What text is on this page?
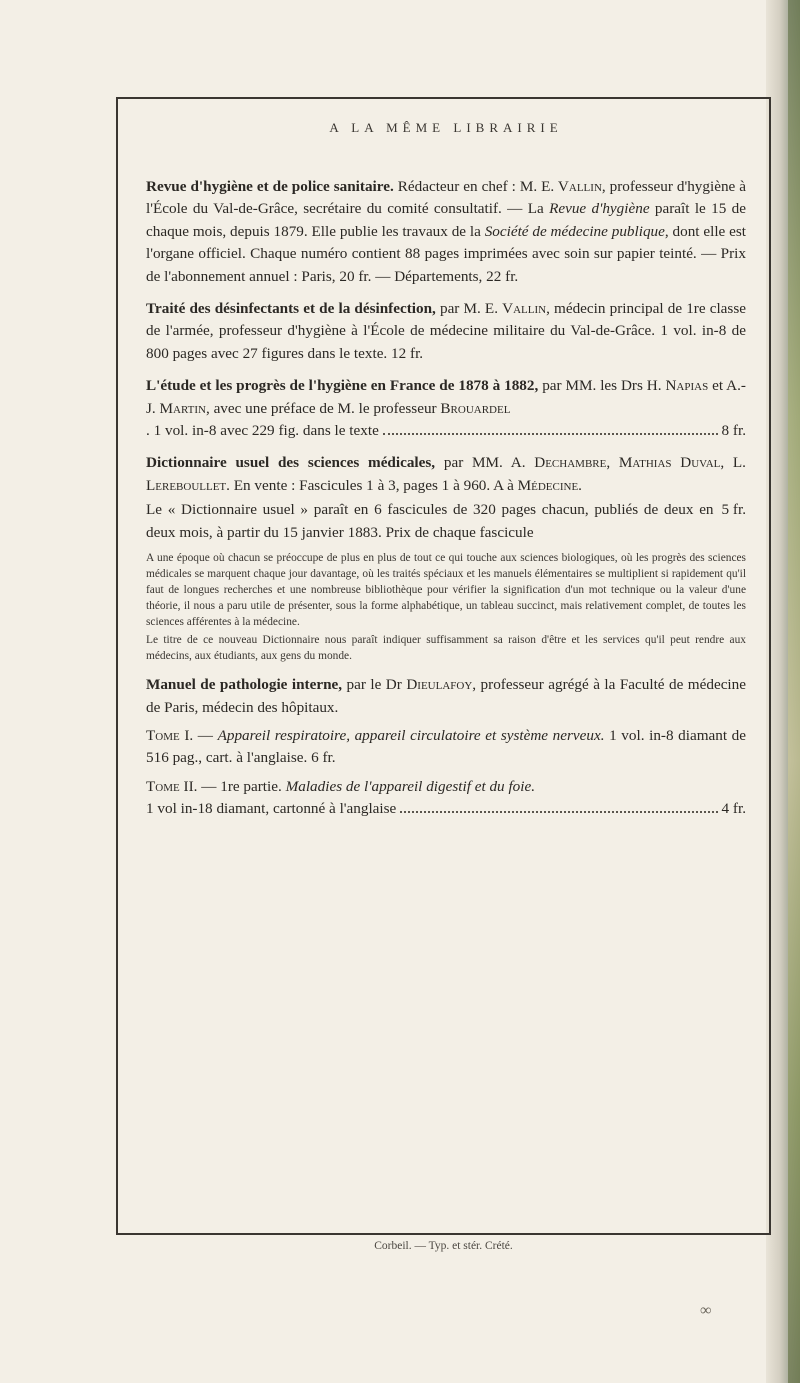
A LA MÊME LIBRAIRIE

Revue d'hygiène et de police sanitaire. Rédacteur en chef : M. E. Vallin, professeur d'hygiène à l'École du Val-de-Grâce, secrétaire du comité consultatif. — La Revue d'hygiène paraît le 15 de chaque mois, depuis 1879. Elle publie les travaux de la Société de médecine publique, dont elle est l'organe officiel. Chaque numéro contient 88 pages imprimées avec soin sur papier teinté. — Prix de l'abonnement annuel : Paris, 20 fr. — Départements, 22 fr.

Traité des désinfectants et de la désinfection, par M. E. Vallin, médecin principal de 1re classe de l'armée, professeur d'hygiène à l'École de médecine militaire du Val-de-Grâce. 1 vol. in-8 de 800 pages avec 27 figures dans le texte. 12 fr.

L'étude et les progrès de l'hygiène en France de 1878 à 1882, par MM. les Drs H. Napias et A.-J. Martin, avec une préface de M. le professeur Brouardel
. 1 vol. in-8 avec 229 fig. dans le texte	8 fr.
Dictionnaire usuel des sciences médicales, par MM. A. Dechambre, Mathias Duval, L. Lereboullet. En vente : Fascicules 1 à 3, pages 1 à 960. A à Médecine.
Le « Dictionnaire usuel » paraît en 6 fascicules de 320 pages chacun, publiés de deux en deux mois, à partir du 15 janvier 1883. Prix de chaque fascicule
5 fr.

A une époque où chacun se préoccupe de plus en plus de tout ce qui touche aux sciences biologiques, où les progrès des sciences médicales se marquent chaque jour davantage, où les traités spéciaux et les manuels élémentaires se multiplient si rapidement qu'il faut de longues recherches et une nombreuse bibliothèque pour vérifier la signification d'un mot technique ou la valeur d'une théorie, il nous a paru utile de présenter, sous la forme alphabétique, un tableau succinct, mais relativement complet, de toutes les sciences afférentes à la médecine.

Le titre de ce nouveau Dictionnaire nous paraît indiquer suffisamment sa raison d'être et les services qu'il peut rendre aux médecins, aux étudiants, aux gens du monde.

Manuel de pathologie interne, par le Dr Dieulafoy, professeur agrégé à la Faculté de médecine de Paris, médecin des hôpitaux.
Tome I. — Appareil respiratoire, appareil circulatoire et système nerveux. 1 vol. in-8 diamant de 516 pag., cart. à l'anglaise. 6 fr.
Tome II. — 1re partie. Maladies de l'appareil digestif et du foie.
1 vol in-18 diamant, cartonné à l'anglaise	4 fr.
Corbeil. — Typ. et stér. Crété.
∞
